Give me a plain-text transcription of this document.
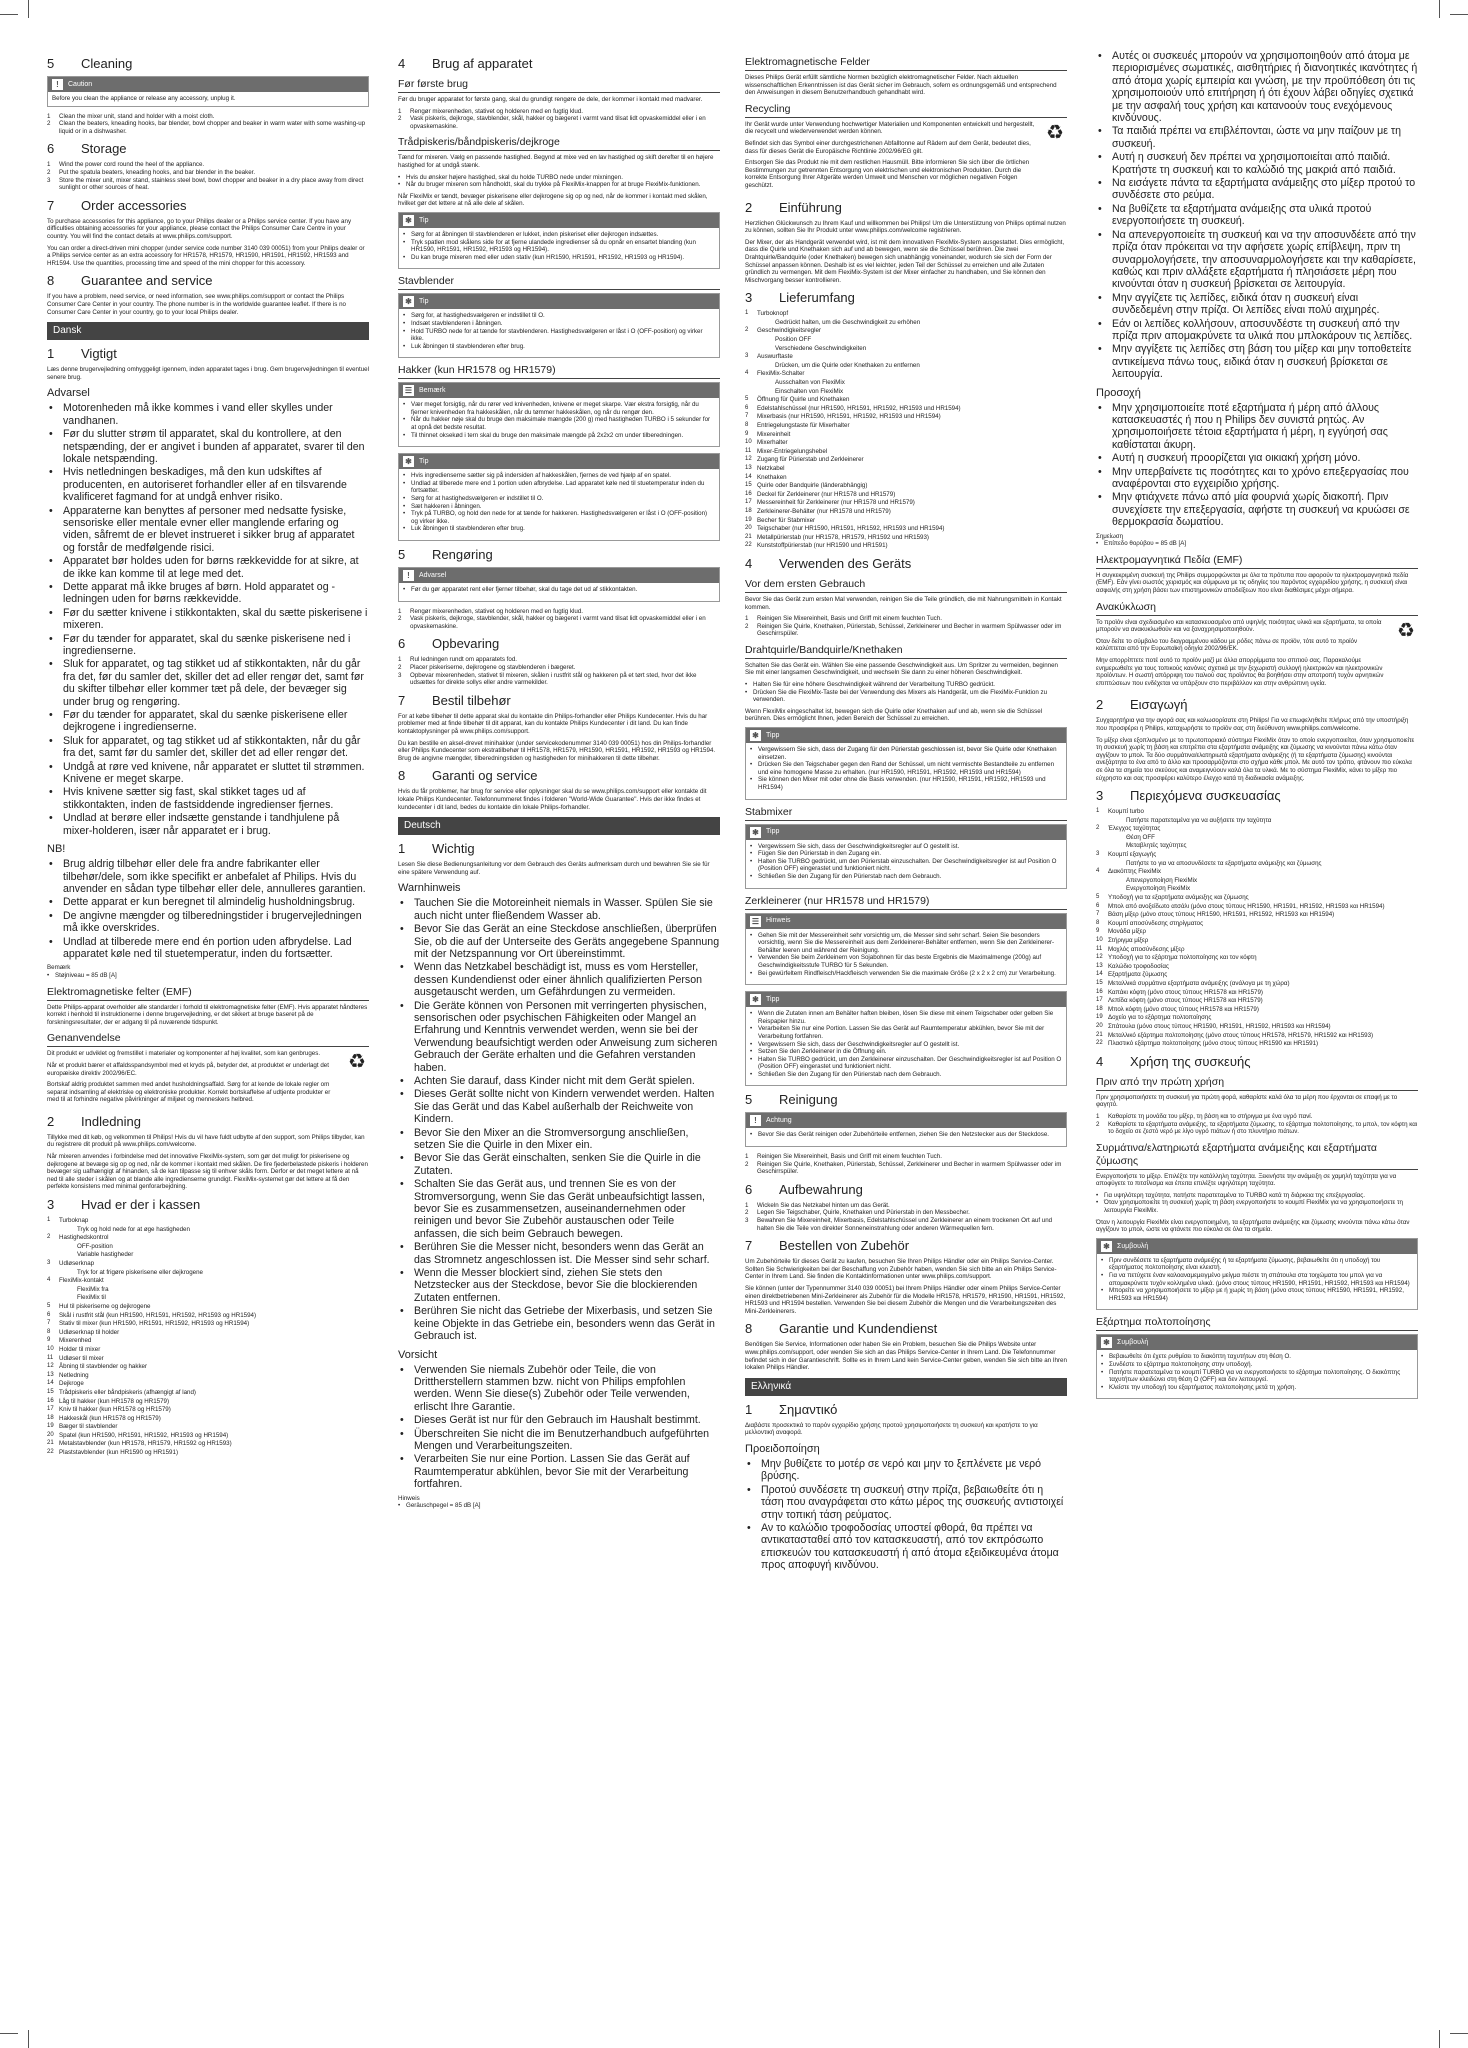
5	Cleaning
!	Caution
Before you clean the appliance or release any accessory, unplug it.
1	Clean the mixer unit, stand and holder with a moist cloth.
2	Clean the beaters, kneading hooks, bar blender, bowl chopper and beaker in warm water with some washing-up liquid or in a dishwasher.
6	Storage
1	Wind the power cord round the heel of the appliance.
2	Put the spatula beaters, kneading hooks, and bar blender in the beaker.
3	Store the mixer unit, mixer stand, stainless steel bowl, bowl chopper and beaker in a dry place away from direct sunlight or other sources of heat.
7	Order accessories

To purchase accessories for this appliance, go to your Philips dealer or a Philips service center. If you have any difficulties obtaining accessories for your appliance, please contact the Philips Consumer Care Centre in your country. You will find the contact details at www.philips.com/support.

You can order a direct-driven mini chopper (under service code number 3140 039 00051) from your Philips dealer or a Philips service center as an extra accessory for HR1578, HR1579, HR1590, HR1591, HR1592, HR1593 and HR1594. Use the quantities, processing time and speed of the mini chopper for this accessory.

8	Guarantee and service

If you have a problem, need service, or need information, see www.philips.com/support or contact the Philips Consumer Care Center in your country. The phone number is in the worldwide guarantee leaflet. If there is no Consumer Care Center in your country, go to your local Philips dealer.

Dansk
1	Vigtigt

Læs denne brugervejledning omhyggeligt igennem, inden apparatet tages i brug. Gem brugervejledningen til eventuel senere brug.

Advarsel
• Motorenheden må ikke kommes i vand eller skylles under vandhanen.
• Før du slutter strøm til apparatet, skal du kontrollere, at den netspænding, der er angivet i bunden af apparatet, svarer til den lokale netspænding.
• Hvis netledningen beskadiges, må den kun udskiftes af producenten, en autoriseret forhandler eller af en tilsvarende kvalificeret fagmand for at undgå enhver risiko.
• Apparaterne kan benyttes af personer med nedsatte fysiske, sensoriske eller mentale evner eller manglende erfaring og viden, såfremt de er blevet instrueret i sikker brug af apparatet og forstår de medfølgende risici.
• Apparatet bør holdes uden for børns rækkevidde for at sikre, at de ikke kan komme til at lege med det.
• Dette apparat må ikke bruges af børn. Hold apparatet og -ledningen uden for børns rækkevidde.
• Før du sætter knivene i stikkontakten, skal du sætte piskerisene i mixeren.
• Før du tænder for apparatet, skal du sænke piskerisene ned i ingredienserne.
• Sluk for apparatet, og tag stikket ud af stikkontakten, når du går fra det, før du samler det, skiller det ad eller rengør det, samt før du skifter tilbehør eller kommer tæt på dele, der bevæger sig under brug og rengøring.
• Før du tænder for apparatet, skal du sænke piskerisene eller dejkrogene i ingredienserne.
• Sluk for apparatet, og tag stikket ud af stikkontakten, når du går fra det, samt før du samler det, skiller det ad eller rengør det.
• Undgå at røre ved knivene, når apparatet er sluttet til strømmen. Knivene er meget skarpe.
• Hvis knivene sætter sig fast, skal stikket tages ud af stikkontakten, inden de fastsiddende ingredienser fjernes.
• Undlad at berøre eller indsætte genstande i tandhjulene på mixer-holderen, især når apparatet er i brug.
NB!
• Brug aldrig tilbehør eller dele fra andre fabrikanter eller tilbehør/dele, som ikke specifikt er anbefalet af Philips. Hvis du anvender en sådan type tilbehør eller dele, annulleres garantien.
• Dette apparat er kun beregnet til almindelig husholdningsbrug.
• De angivne mængder og tilberedningstider i brugervejledningen må ikke overskrides.
• Undlad at tilberede mere end én portion uden afbrydelse. Lad apparatet køle ned til stuetemperatur, inden du fortsætter.
Bemærk
• Støjniveau = 85 dB [A]
Elektromagnetiske felter (EMF)

Dette Philips-apparat overholder alle standarder i forhold til elektromagnetiske felter (EMF). Hvis apparatet håndteres korrekt i henhold til instruktionerne i denne brugervejledning, er det sikkert at bruge baseret på de forskningsresultater, der er adgang til på nuværende tidspunkt.

Genanvendelse

Dit produkt er udviklet og fremstillet i materialer og komponenter af høj kvalitet, som kan genbruges.

Når et produkt bærer et affaldsspandsymbol med et kryds på, betyder det, at produktet er underlagt det europæiske direktiv 2002/96/EC.

Bortskaf aldrig produktet sammen med andet husholdningsaffald. Sørg for at kende de lokale regler om separat indsamling af elektriske og elektroniske produkter. Korrekt bortskaffelse af udtjente produkter er med til at forhindre negative påvirkninger af miljøet og menneskers helbred.

♻
2	Indledning

Tillykke med dit køb, og velkommen til Philips! Hvis du vil have fuldt udbytte af den support, som Philips tilbyder, kan du registrere dit produkt på www.philips.com/welcome.

Når mixeren anvendes i forbindelse med det innovative FlexiMix-system, som gør det muligt for piskerisene og dejkrogene at bevæge sig op og ned, når de kommer i kontakt med skålen. De fire fjederbelastede piskeris i holderen bevæger sig uafhængigt af hinanden, så de kan tilpasse sig til enhver skåls form. Derfor er det meget lettere at nå ned til alle steder i skålen og at blande alle ingredienserne grundigt. FlexiMix-systemet gør det lettere at få den perfekte konsistens med minimal genforarbejdning.

3	Hvad er der i kassen
1	Turboknap
Tryk og hold nede for at øge hastigheden
2	Hastighedskontrol
OFF-position
Variable hastigheder
3	Udløserknap
Tryk for at frigøre piskerisene eller dejkrogene
4	FlexiMix-kontakt
FlexiMix fra
FlexiMix til
5	Hul til piskeriserne og dejkrogene
6	Skål i rustfrit stål (kun HR1590, HR1591, HR1592, HR1593 og HR1594)
7	Stativ til mixer (kun HR1590, HR1591, HR1592, HR1593 og HR1594)
8	Udløserknap til holder
9	Mixerenhed
10 Holder til mixer
11 Udløser til mixer
12 Åbning til stavblender og hakker
13 Netledning
14 Dejkroge
15 Trådpiskeris eller båndpiskeris (afhængigt af land)
16 Låg til hakker (kun HR1578 og HR1579)
17 Kniv til hakker (kun HR1578 og HR1579)
18 Hakkeskål (kun HR1578 og HR1579)
19 Bæger til stavblender
20 Spatel (kun HR1590, HR1591, HR1592, HR1593 og HR1594)
21 Metalstavblender (kun HR1578, HR1579, HR1592 og HR1593)
22 Plaststavblender (kun HR1590 og HR1591)
4	Brug af apparatet
Før første brug

Før du bruger apparatet for første gang, skal du grundigt rengøre de dele, der kommer i kontakt med madvarer.

1	Rengør mixerenheden, stativet og holderen med en fugtig klud.
2	Vask piskeris, dejkroge, stavblender, skål, hakker og bægeret i varmt vand tilsat lidt opvaskemiddel eller i en opvaskemaskine.
Trådpiskeris/båndpiskeris/dejkroge

Tænd for mixeren. Vælg en passende hastighed. Begynd at mixe ved en lav hastighed og skift derefter til en højere hastighed for at undgå stænk.

• Hvis du ønsker højere hastighed, skal du holde TURBO nede under mixningen.
• Når du bruger mixeren som håndholdt, skal du trykke på FlexiMix-knappen for at bruge FlexiMix-funktionen.

Når FlexiMix er tændt, bevæger piskerisene eller dejkrogene sig op og ned, når de kommer i kontakt med skålen, hvilket gør det lettere at nå alle dele af skålen.

✱	Tip
• Sørg for at åbningen til stavblenderen er lukket, inden piskeriset eller dejkrogen indsættes.
• Tryk spatlen mod skålens side for at fjerne ulandede ingredienser så du opnår en ensartet blanding (kun HR1590, HR1591, HR1592, HR1593 og HR1594).
• Du kan bruge mixeren med eller uden stativ (kun HR1590, HR1591, HR1592, HR1593 og HR1594).
Stavblender
✱	Tip
• Sørg for, at hastighedsvælgeren er indstillet til O.
• Indsæt stavblenderen i åbningen.
• Hold TURBO nede for at tænde for stavblenderen. Hastighedsvælgeren er låst i O (OFF-position) og virker ikke.
• Luk åbningen til stavblenderen efter brug.
Hakker (kun HR1578 og HR1579)
☰ Bemærk
• Vær meget forsigtig, når du rører ved knivenheden, knivene er meget skarpe. Vær ekstra forsigtig, når du fjerner knivenheden fra hakkeskålen, når du tømmer hakkeskålen, og når du rengør den.
• Når du hakker nøje skal du bruge den maksimale mængde (200 g) med hastigheden TURBO i 5 sekunder for at opnå det bedste resultat.
• Til thinnet oksekød i tern skal du bruge den maksimale mængde på 2x2x2 cm under tilberedningen.
✱	Tip
• Hvis ingredienserne sætter sig på indersiden af hakkeskålen, fjernes de ved hjælp af en spatel.
• Undlad at tilberede mere end 1 portion uden afbrydelse. Lad apparatet køle ned til stuetemperatur inden du fortsætter.
• Sørg for at hastighedsvælgeren er indstillet til O.
• Sæt hakkeren i åbningen.
• Tryk på TURBO, og hold den nede for at tænde for hakkeren. Hastighedsvælgeren er låst i O (OFF-position) og virker ikke.
• Luk åbningen til stavblenderen efter brug.
5	Rengøring
!	Advarsel
• Før du gør apparatet rent eller fjerner tilbehør, skal du tage det ud af stikkontakten.
1	Rengør mixerenheden, stativet og holderen med en fugtig klud.
2	Vask piskeris, dejkroge, stavblender, skål, hakker og bægeret i varmt vand tilsat lidt opvaskemiddel eller i en opvaskemaskine.
6	Opbevaring
1	Rul ledningen rundt om apparatets fod.
2	Placer piskeriserne, dejkrogene og stavblenderen i bægeret.
3	Opbevar mixerenheden, stativet til mixeren, skålen i rustfrit stål og hakkeren på et tørt sted, hvor det ikke udsættes for direkte sollys eller andre varmekilder.
7	Bestil tilbehør

For at købe tilbehør til dette apparat skal du kontakte din Philips-forhandler eller Philips Kundecenter. Hvis du har problemer med at finde tilbehør til dit apparat, kan du kontakte Philips Kundecenter i dit land. Du kan finde kontaktoplysninger på www.philips.com/support.

Du kan bestille en aksel-drevet minihakker (under servicekodenummer 3140 039 00051) hos din Philips-forhandler eller Philips Kundecenter som ekstratilbehør til HR1578, HR1579, HR1590, HR1591, HR1592, HR1593 og HR1594. Brug de angivne mængder, tilberedningstiden og hastigheden for minihakkeren til dette tilbehør.

8	Garanti og service

Hvis du får problemer, har brug for service eller oplysninger skal du se www.philips.com/support eller kontakte dit lokale Philips Kundecenter. Telefonnummeret findes i folderen "World-Wide Guarantee". Hvis der ikke findes et kundecenter i dit land, bedes du kontakte din lokale Philips-forhandler.

Deutsch
1	Wichtig

Lesen Sie diese Bedienungsanleitung vor dem Gebrauch des Geräts aufmerksam durch und bewahren Sie sie für eine spätere Verwendung auf.

Warnhinweis
• Tauchen Sie die Motoreinheit niemals in Wasser. Spülen Sie sie auch nicht unter fließendem Wasser ab.
• Bevor Sie das Gerät an eine Steckdose anschließen, überprüfen Sie, ob die auf der Unterseite des Geräts angegebene Spannung mit der Netzspannung vor Ort übereinstimmt.
• Wenn das Netzkabel beschädigt ist, muss es vom Hersteller, dessen Kundendienst oder einer ähnlich qualifizierten Person ausgetauscht werden, um Gefährdungen zu vermeiden.
• Die Geräte können von Personen mit verringerten physischen, sensorischen oder psychischen Fähigkeiten oder Mangel an Erfahrung und Kenntnis verwendet werden, wenn sie bei der Verwendung beaufsichtigt werden oder Anweisung zum sicheren Gebrauch der Geräte erhalten und die Gefahren verstanden haben.
• Achten Sie darauf, dass Kinder nicht mit dem Gerät spielen.
• Dieses Gerät sollte nicht von Kindern verwendet werden. Halten Sie das Gerät und das Kabel außerhalb der Reichweite von Kindern.
• Bevor Sie den Mixer an die Stromversorgung anschließen, setzen Sie die Quirle in den Mixer ein.
• Bevor Sie das Gerät einschalten, senken Sie die Quirle in die Zutaten.
• Schalten Sie das Gerät aus, und trennen Sie es von der Stromversorgung, wenn Sie das Gerät unbeaufsichtigt lassen, bevor Sie es zusammensetzen, auseinandernehmen oder reinigen und bevor Sie Zubehör austauschen oder Teile anfassen, die sich beim Gebrauch bewegen.
• Berühren Sie die Messer nicht, besonders wenn das Gerät an das Stromnetz angeschlossen ist. Die Messer sind sehr scharf.
• Wenn die Messer blockiert sind, ziehen Sie stets den Netzstecker aus der Steckdose, bevor Sie die blockierenden Zutaten entfernen.
• Berühren Sie nicht das Getriebe der Mixerbasis, und setzen Sie keine Objekte in das Getriebe ein, besonders wenn das Gerät in Gebrauch ist.
Vorsicht
• Verwenden Sie niemals Zubehör oder Teile, die von Drittherstellern stammen bzw. nicht von Philips empfohlen werden. Wenn Sie diese(s) Zubehör oder Teile verwenden, erlischt Ihre Garantie.
• Dieses Gerät ist nur für den Gebrauch im Haushalt bestimmt.
• Überschreiten Sie nicht die im Benutzerhandbuch aufgeführten Mengen und Verarbeitungszeiten.
• Verarbeiten Sie nur eine Portion. Lassen Sie das Gerät auf Raumtemperatur abkühlen, bevor Sie mit der Verarbeitung fortfahren.
Hinweis
• Geräuschpegel = 85 dB [A]
Elektromagnetische Felder

Dieses Philips Gerät erfüllt sämtliche Normen bezüglich elektromagnetischer Felder. Nach aktuellen wissenschaftlichen Erkenntnissen ist das Gerät sicher im Gebrauch, sofern es ordnungsgemäß und entsprechend den Anweisungen in diesem Benutzerhandbuch gehandhabt wird.

Recycling

Ihr Gerät wurde unter Verwendung hochwertiger Materialien und Komponenten entwickelt und hergestellt, die recycelt und wiederverwendet werden können.

Befindet sich das Symbol einer durchgestrichenen Abfalltonne auf Rädern auf dem Gerät, bedeutet dies, dass für dieses Gerät die Europäische Richtlinie 2002/96/EG gilt.

Entsorgen Sie das Produkt nie mit dem restlichen Hausmüll. Bitte informieren Sie sich über die örtlichen Bestimmungen zur getrennten Entsorgung von elektrischen und elektronischen Produkten. Durch die korrekte Entsorgung Ihrer Altgeräte werden Umwelt und Menschen vor möglichen negativen Folgen geschützt.

♻
2	Einführung

Herzlichen Glückwunsch zu Ihrem Kauf und willkommen bei Philips! Um die Unterstützung von Philips optimal nutzen zu können, sollten Sie Ihr Produkt unter www.philips.com/welcome registrieren.

Der Mixer, der als Handgerät verwendet wird, ist mit dem innovativen FlexiMix-System ausgestattet. Dies ermöglicht, dass die Quirle und Knethaken sich auf und ab bewegen, wenn sie die Schüssel berühren. Die zwei Drahtquirle/Bandquirle (oder Knethaken) bewegen sich unabhängig voneinander, wodurch sie sich der Form der Schüssel anpassen können. Deshalb ist es viel leichter, jeden Teil der Schüssel zu erreichen und alle Zutaten gründlich zu vermengen. Mit dem FlexiMix-System ist der Mixer einfacher zu handhaben, und Sie können den Mischvorgang besser kontrollieren.

3	Lieferumfang
1	Turboknopf
Gedrückt halten, um die Geschwindigkeit zu erhöhen
2	Geschwindigkeitsregler
Position OFF
Verschiedene Geschwindigkeiten
3	Auswurftaste
Drücken, um die Quirle oder Knethaken zu entfernen
4	FlexiMix-Schalter
Ausschalten von FlexiMix
Einschalten von FlexiMix
5	Öffnung für Quirle und Knethaken
6	Edelstahlschüssel (nur HR1590, HR1591, HR1592, HR1593 und HR1594)
7	Mixerbasis (nur HR1590, HR1591, HR1592, HR1593 und HR1594)
8	Entriegelungstaste für Mixerhalter
9	Mixereinheit
10 Mixerhalter
11 Mixer-Entriegelungshebel
12 Zugang für Pürierstab und Zerkleinerer
13 Netzkabel
14 Knethaken
15 Quirle oder Bandquirle (länderabhängig)
16 Deckel für Zerkleinerer (nur HR1578 und HR1579)
17 Messereinheit für Zerkleinerer (nur HR1578 und HR1579)
18 Zerkleinerer-Behälter (nur HR1578 und HR1579)
19 Becher für Stabmixer
20 Teigschaber (nur HR1590, HR1591, HR1592, HR1593 und HR1594)
21 Metallpürierstab (nur HR1578, HR1579, HR1592 und HR1593)
22 Kunststoffpürierstab (nur HR1590 und HR1591)
4	Verwenden des Geräts
Vor dem ersten Gebrauch

Bevor Sie das Gerät zum ersten Mal verwenden, reinigen Sie die Teile gründlich, die mit Nahrungsmitteln in Kontakt kommen.

1	Reinigen Sie Mixereinheit, Basis und Griff mit einem feuchten Tuch.
2	Reinigen Sie Quirle, Knethaken, Pürierstab, Schüssel, Zerkleinerer und Becher in warmem Spülwasser oder im Geschirrspüler.
Drahtquirle/Bandquirle/Knethaken

Schalten Sie das Gerät ein. Wählen Sie eine passende Geschwindigkeit aus. Um Spritzer zu vermeiden, beginnen Sie mit einer langsamen Geschwindigkeit, und wechseln Sie dann zu einer höheren Geschwindigkeit.

• Halten Sie für eine höhere Geschwindigkeit während der Verarbeitung TURBO gedrückt.
• Drücken Sie die FlexiMix-Taste bei der Verwendung des Mixers als Handgerät, um die FlexiMix-Funktion zu verwenden.

Wenn FlexiMix eingeschaltet ist, bewegen sich die Quirle oder Knethaken auf und ab, wenn sie die Schüssel berühren. Dies ermöglicht Ihnen, jeden Bereich der Schüssel zu erreichen.

✱	Tipp
• Vergewissern Sie sich, dass der Zugang für den Pürierstab geschlossen ist, bevor Sie Quirle oder Knethaken einsetzen.
• Drücken Sie den Teigschaber gegen den Rand der Schüssel, um nicht vermischte Bestandteile zu entfernen und eine homogene Masse zu erhalten. (nur HR1590, HR1591, HR1592, HR1593 und HR1594)
• Sie können den Mixer mit oder ohne die Basis verwenden. (nur HR1590, HR1591, HR1592, HR1593 und HR1594)
Stabmixer
✱	Tipp
• Vergewissern Sie sich, dass der Geschwindigkeitsregler auf O gestellt ist.
• Fügen Sie den Pürierstab in den Zugang ein.
• Halten Sie TURBO gedrückt, um den Pürierstab einzuschalten. Der Geschwindigkeitsregler ist auf Position O (Position OFF) eingerastet und funktioniert nicht.
• Schließen Sie den Zugang für den Pürierstab nach dem Gebrauch.
Zerkleinerer (nur HR1578 und HR1579)
☰ Hinweis
• Gehen Sie mit der Messereinheit sehr vorsichtig um, die Messer sind sehr scharf. Seien Sie besonders vorsichtig, wenn Sie die Messereinheit aus dem Zerkleinerer-Behälter entfernen, wenn Sie den Zerkleinerer-Behälter leeren und während der Reinigung.
• Verwenden Sie beim Zerkleinern von Sojabohnen für das beste Ergebnis die Maximalmenge (200g) auf Geschwindigkeitsstufe TURBO für 5 Sekunden.
• Bei gewürfeltem Rindfleisch/Hackfleisch verwenden Sie die maximale Größe (2 x 2 x 2 cm) zur Verarbeitung.
✱	Tipp
• Wenn die Zutaten innen am Behälter haften bleiben, lösen Sie diese mit einem Teigschaber oder gelben Sie Reispapier hinzu.
• Verarbeiten Sie nur eine Portion. Lassen Sie das Gerät auf Raumtemperatur abkühlen, bevor Sie mit der Verarbeitung fortfahren.
• Vergewissern Sie sich, dass der Geschwindigkeitsregler auf O gestellt ist.
• Setzen Sie den Zerkleinerer in die Öffnung ein.
• Halten Sie TURBO gedrückt, um den Zerkleinerer einzuschalten. Der Geschwindigkeitsregler ist auf Position O (Position OFF) eingerastet und funktioniert nicht.
• Schließen Sie den Zugang für den Pürierstab nach dem Gebrauch.
5	Reinigung
!	Achtung
• Bevor Sie das Gerät reinigen oder Zubehörteile entfernen, ziehen Sie den Netzstecker aus der Steckdose.
1	Reinigen Sie Mixereinheit, Basis und Griff mit einem feuchten Tuch.
2	Reinigen Sie Quirle, Knethaken, Pürierstab, Schüssel, Zerkleinerer und Becher in warmem Spülwasser oder im Geschirrspüler.
6	Aufbewahrung
1	Wickeln Sie das Netzkabel hinten um das Gerät.
2	Legen Sie Teigschaber, Quirle, Knethaken und Pürierstab in den Messbecher.
3	Bewahren Sie Mixereinheit, Mixerbasis, Edelstahlschüssel und Zerkleinerer an einem trockenen Ort auf und halten Sie die Teile von direkter Sonneneinstrahlung oder anderen Wärmequellen fern.
7	Bestellen von Zubehör

Um Zubehörteile für dieses Gerät zu kaufen, besuchen Sie Ihren Philips Händler oder ein Philips Service-Center. Sollten Sie Schwierigkeiten bei der Beschaffung von Zubehör haben, wenden Sie sich bitte an ein Philips Service-Center in Ihrem Land. Sie finden die Kontaktinformationen unter www.philips.com/support.

Sie können (unter der Typennummer 3140 039 00051) bei Ihrem Philips Händler oder einem Philips Service-Center einen direktbetriebenen Mini-Zerkleinerer als Zubehör für die Modelle HR1578, HR1579, HR1590, HR1591, HR1592, HR1593 und HR1594 bestellen. Verwenden Sie bei diesem Zubehör die Mengen und die Verarbeitungszeiten des Mini-Zerkleinerers.

8	Garantie und Kundendienst

Benötigen Sie Service, Informationen oder haben Sie ein Problem, besuchen Sie die Philips Website unter www.philips.com/support, oder wenden Sie sich an das Philips Service-Center in Ihrem Land. Die Telefonnummer befindet sich in der Garantieschrift. Sollte es in Ihrem Land kein Service-Center geben, wenden Sie sich bitte an Ihren lokalen Philips Händler.

Ελληνικά
1	Σημαντικό

Διαβάστε προσεκτικά το παρόν εγχειρίδιο χρήσης προτού χρησιμοποιήσετε τη συσκευή και κρατήστε το για μελλοντική αναφορά.

Προειδοποίηση
• Μην βυθίζετε το μοτέρ σε νερό και μην το ξεπλένετε με νερό βρύσης.
• Προτού συνδέσετε τη συσκευή στην πρίζα, βεβαιωθείτε ότι η τάση που αναγράφεται στο κάτω μέρος της συσκευής αντιστοιχεί στην τοπική τάση ρεύματος.
• Αν το καλώδιο τροφοδοσίας υποστεί φθορά, θα πρέπει να αντικατασταθεί από τον κατασκευαστή, από τον εκπρόσωπο επισκευών του κατασκευαστή ή από άτομα εξειδικευμένα άτομα προς αποφυγή κινδύνου.
• Αυτές οι συσκευές μπορούν να χρησιμοποιηθούν από άτομα με περιορισμένες σωματικές, αισθητήριες ή διανοητικές ικανότητες ή από άτομα χωρίς εμπειρία και γνώση, με την προϋπόθεση ότι τις χρησιμοποιούν υπό επιτήρηση ή ότι έχουν λάβει οδηγίες σχετικά με την ασφαλή τους χρήση και κατανοούν τους ενεχόμενους κινδύνους.
• Τα παιδιά πρέπει να επιβλέπονται, ώστε να μην παίζουν με τη συσκευή.
• Αυτή η συσκευή δεν πρέπει να χρησιμοποιείται από παιδιά. Κρατήστε τη συσκευή και το καλώδιό της μακριά από παιδιά.
• Να εισάγετε πάντα τα εξαρτήματα ανάμειξης στο μίξερ προτού το συνδέσετε στο ρεύμα.
• Να βυθίζετε τα εξαρτήματα ανάμειξης στα υλικά προτού ενεργοποιήσετε τη συσκευή.
• Να απενεργοποιείτε τη συσκευή και να την αποσυνδέετε από την πρίζα όταν πρόκειται να την αφήσετε χωρίς επίβλεψη, πριν τη συναρμολογήσετε, την αποσυναρμολογήσετε και την καθαρίσετε, καθώς και πριν αλλάξετε εξαρτήματα ή πλησιάσετε μέρη που κινούνται όταν η συσκευή βρίσκεται σε λειτουργία.
• Μην αγγίζετε τις λεπίδες, ειδικά όταν η συσκευή είναι συνδεδεμένη στην πρίζα. Οι λεπίδες είναι πολύ αιχμηρές.
• Εάν οι λεπίδες κολλήσουν, αποσυνδέστε τη συσκευή από την πρίζα πριν απομακρύνετε τα υλικά που μπλοκάρουν τις λεπίδες.
• Μην αγγίξετε τις λεπίδες στη βάση του μίξερ και μην τοποθετείτε αντικείμενα πάνω τους, ειδικά όταν η συσκευή βρίσκεται σε λειτουργία.
Προσοχή
• Μην χρησιμοποιείτε ποτέ εξαρτήματα ή μέρη από άλλους κατασκευαστές ή που η Philips δεν συνιστά ρητώς. Αν χρησιμοποιήσετε τέτοια εξαρτήματα ή μέρη, η εγγύησή σας καθίσταται άκυρη.
• Αυτή η συσκευή προορίζεται για οικιακή χρήση μόνο.
• Μην υπερβαίνετε τις ποσότητες και το χρόνο επεξεργασίας που αναφέρονται στο εγχειρίδιο χρήσης.
• Μην φτιάχνετε πάνω από μία φουρνιά χωρίς διακοπή. Πριν συνεχίσετε την επεξεργασία, αφήστε τη συσκευή να κρυώσει σε θερμοκρασία δωματίου.
Σημείωση
• Επίπεδο θορύβου = 85 dB [A]
Ηλεκτρομαγνητικά Πεδία (EMF)

Η συγκεκριμένη συσκευή της Philips συμμορφώνεται με όλα τα πρότυπα που αφορούν τα ηλεκτρομαγνητικά πεδία (EMF). Εάν γίνει σωστός χειρισμός και σύμφωνα με τις οδηγίες του παρόντος εγχειριδίου χρήσης, η συσκευή είναι ασφαλής στη χρήση βάσει των επιστημονικών αποδείξεων που είναι διαθέσιμες μέχρι σήμερα.

Ανακύκλωση

Το προϊόν είναι σχεδιασμένο και κατασκευασμένο από υψηλής ποιότητας υλικά και εξαρτήματα, τα οποία μπορούν να ανακυκλωθούν και να ξαναχρησιμοποιηθούν.

Όταν δείτε το σύμβολο του διαγραμμένου κάδου με ρόδες πάνω σε προϊόν, τότε αυτό το προϊόν καλύπτεται από την Ευρωπαϊκή οδηγία 2002/96/ΕΚ.

Μην απορρίπτετε ποτέ αυτό το προϊόν μαζί με άλλα απορρίμματα του σπιτιού σας. Παρακαλούμε ενημερωθείτε για τους τοπικούς κανόνες σχετικά με την ξεχωριστή συλλογή ηλεκτρικών και ηλεκτρονικών προϊόντων. Η σωστή απόρριψη του παλιού σας προϊόντος θα βοηθήσει στην αποτροπή τυχόν αρνητικών επιπτώσεων που ενδέχεται να υπάρξουν στο περιβάλλον και στην ανθρώπινη υγεία.

♻
2	Εισαγωγή

Συγχαρητήρια για την αγορά σας και καλωσορίσατε στη Philips! Για να επωφεληθείτε πλήρως από την υποστήριξη που προσφέρει η Philips, καταχωρήστε το προϊόν σας στη διεύθυνση www.philips.com/welcome.

Το μίξερ είναι εξοπλισμένο με το πρωτοποριακό σύστημα FlexiMix όταν το οποίο ενεργοποιείται, όταν χρησιμοποιείτε τη συσκευή χωρίς τη βάση και επιτρέπει στα εξαρτήματα ανάμειξης και ζύμωσης να κινούνται πάνω κάτω όταν αγγίζουν το μπολ. Τα δύο συρμάτινα/ελατηριωτά εξαρτήματα ανάμειξης (ή τα εξαρτήματα ζύμωσης) κινούνται ανεξάρτητα το ένα από το άλλο και προσαρμόζονται στο σχήμα κάθε μπολ. Με αυτό τον τρόπο, φτάνουν πιο εύκολα σε όλα τα σημεία του σκεύους και αναμειγνύουν καλά όλα τα υλικά. Με το σύστημα FlexiMix, κάνει το μίξερ πιο εύχρηστο και σας προσφέρει καλύτερο έλεγχο κατά τη διαδικασία ανάμειξης.

3	Περιεχόμενα συσκευασίας
1	Κουμπί turbo
Πατήστε παρατεταμένα για να αυξήσετε την ταχύτητα
2	Έλεγχος ταχύτητας
Θέση OFF
Μεταβλητές ταχύτητες
3	Κουμπί εξαγωγής
Πατήστε το για να αποσυνδέσετε τα εξαρτήματα ανάμειξης και ζύμωσης
4	Διακόπτης FlexiMix
Απενεργοποίηση FlexiMix
Ενεργοποίηση FlexiMix
5	Υποδοχή για τα εξαρτήματα ανάμειξης και ζύμωσης
6	Μπολ από ανοξείδωτο ατσάλι (μόνο στους τύπους HR1590, HR1591, HR1592, HR1593 και HR1594)
7	Βάση μίξερ (μόνο στους τύπους HR1590, HR1591, HR1592, HR1593 και HR1594)
8	Κουμπί αποσύνδεσης στηρίγματος
9	Μονάδα μίξερ
10 Στήριγμα μίξερ
11 Μοχλός αποσύνδεσης μίξερ
12 Υποδοχή για το εξάρτημα πολτοποίησης και τον κόφτη
13 Καλώδιο τροφοδοσίας
14 Εξαρτήματα ζύμωσης
15 Μεταλλικά συρμάτινα εξαρτήματα ανάμειξης (ανάλογα με τη χώρα)
16 Καπάκι κόφτη (μόνο στους τύπους HR1578 και HR1579)
17 Λεπίδα κόφτη (μόνο στους τύπους HR1578 και HR1579)
18 Μπολ κόφτη (μόνο στους τύπους HR1578 και HR1579)
19 Δοχείο για το εξάρτημα πολτοποίησης
20 Σπάτουλα (μόνο στους τύπους HR1590, HR1591, HR1592, HR1593 και HR1594)
21 Μεταλλικό εξάρτημα πολτοποίησης (μόνο στους τύπους HR1578, HR1579, HR1592 και HR1593)
22 Πλαστικό εξάρτημα πολτοποίησης (μόνο στους τύπους HR1590 και HR1591)
4	Χρήση της συσκευής
Πριν από την πρώτη χρήση

Πριν χρησιμοποιήσετε τη συσκευή για πρώτη φορά, καθαρίστε καλά όλα τα μέρη που έρχονται σε επαφή με το φαγητό.

1	Καθαρίστε τη μονάδα του μίξερ, τη βάση και το στήριγμα με ένα υγρό πανί.
2	Καθαρίστε τα εξαρτήματα ανάμειξης, τα εξαρτήματα ζύμωσης, το εξάρτημα πολτοποίησης, το μπολ, τον κόφτη και το δοχείο σε ζεστό νερό με λίγο υγρό πιάτων ή στο πλυντήριο πιάτων.
Συρμάτινα/ελατηριωτά εξαρτήματα ανάμειξης και εξαρτήματα ζύμωσης

Ενεργοποιήστε το μίξερ. Επιλέξτε την κατάλληλη ταχύτητα. Ξεκινήστε την ανάμειξη σε χαμηλή ταχύτητα για να αποφύγετε το πιτσίλισμα και έπειτα επιλέξτε υψηλότερη ταχύτητα.

• Για υψηλότερη ταχύτητα, πατήστε παρατεταμένα το TURBO κατά τη διάρκεια της επεξεργασίας.
• Όταν χρησιμοποιείτε τη συσκευή χωρίς τη βάση ενεργοποιήστε το κουμπί FlexiMix για να χρησιμοποιήσετε τη λειτουργία FlexiMix.

Όταν η λειτουργία FlexiMix είναι ενεργοποιημένη, τα εξαρτήματα ανάμειξης και ζύμωσης κινούνται πάνω κάτω όταν αγγίζουν το μπολ, ώστε να φτάνετε πιο εύκολα σε όλα τα σημεία.

✱	Συμβουλή
• Πριν συνδέσετε τα εξαρτήματα ανάμειξης ή τα εξαρτήματα ζύμωσης, βεβαιωθείτε ότι η υποδοχή του εξαρτήματος πολτοποίησης είναι κλειστή.
• Για να πετύχετε έναν καλοαναμεμειγμένο μείγμα πιέστε τη σπάτουλα στα τοιχώματα του μπολ για να απομακρύνετε τυχόν κολλημένα υλικά. (μόνο στους τύπους HR1590, HR1591, HR1592, HR1593 και HR1594)
• Μπορείτε να χρησιμοποιήσετε το μίξερ με ή χωρίς τη βάση (μόνο στους τύπους HR1590, HR1591, HR1592, HR1593 και HR1594)
Εξάρτημα πολτοποίησης
✱	Συμβουλή
• Βεβαιωθείτε ότι έχετε ρυθμίσει το διακόπτη ταχυτήτων στη θέση O.
• Συνδέστε το εξάρτημα πολτοποίησης στην υποδοχή.
• Πατήστε παρατεταμένα το κουμπί TURBO για να ενεργοποιήσετε το εξάρτημα πολτοποίησης. Ο διακόπτης ταχυτήτων κλειδώνει στη θέση O (OFF) και δεν λειτουργεί.
• Κλείστε την υποδοχή του εξαρτήματος πολτοποίησης μετά τη χρήση.
